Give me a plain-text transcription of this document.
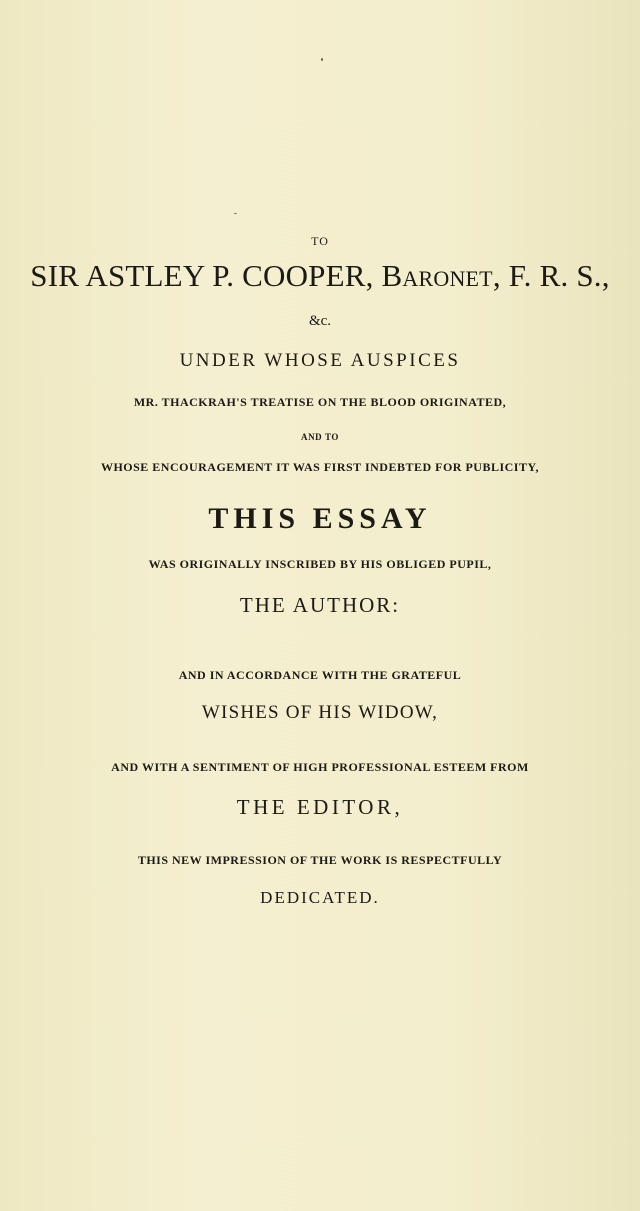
TO

SIR ASTLEY P. COOPER, Baronet, F. R. S.,

&c.

UNDER WHOSE AUSPICES

MR. THACKRAH'S TREATISE ON THE BLOOD ORIGINATED,

AND TO

WHOSE ENCOURAGEMENT IT WAS FIRST INDEBTED FOR PUBLICITY,

THIS ESSAY

WAS ORIGINALLY INSCRIBED BY HIS OBLIGED PUPIL,

THE AUTHOR:

AND IN ACCORDANCE WITH THE GRATEFUL

WISHES OF HIS WIDOW,

AND WITH A SENTIMENT OF HIGH PROFESSIONAL ESTEEM FROM

THE EDITOR,

THIS NEW IMPRESSION OF THE WORK IS RESPECTFULLY

DEDICATED.
